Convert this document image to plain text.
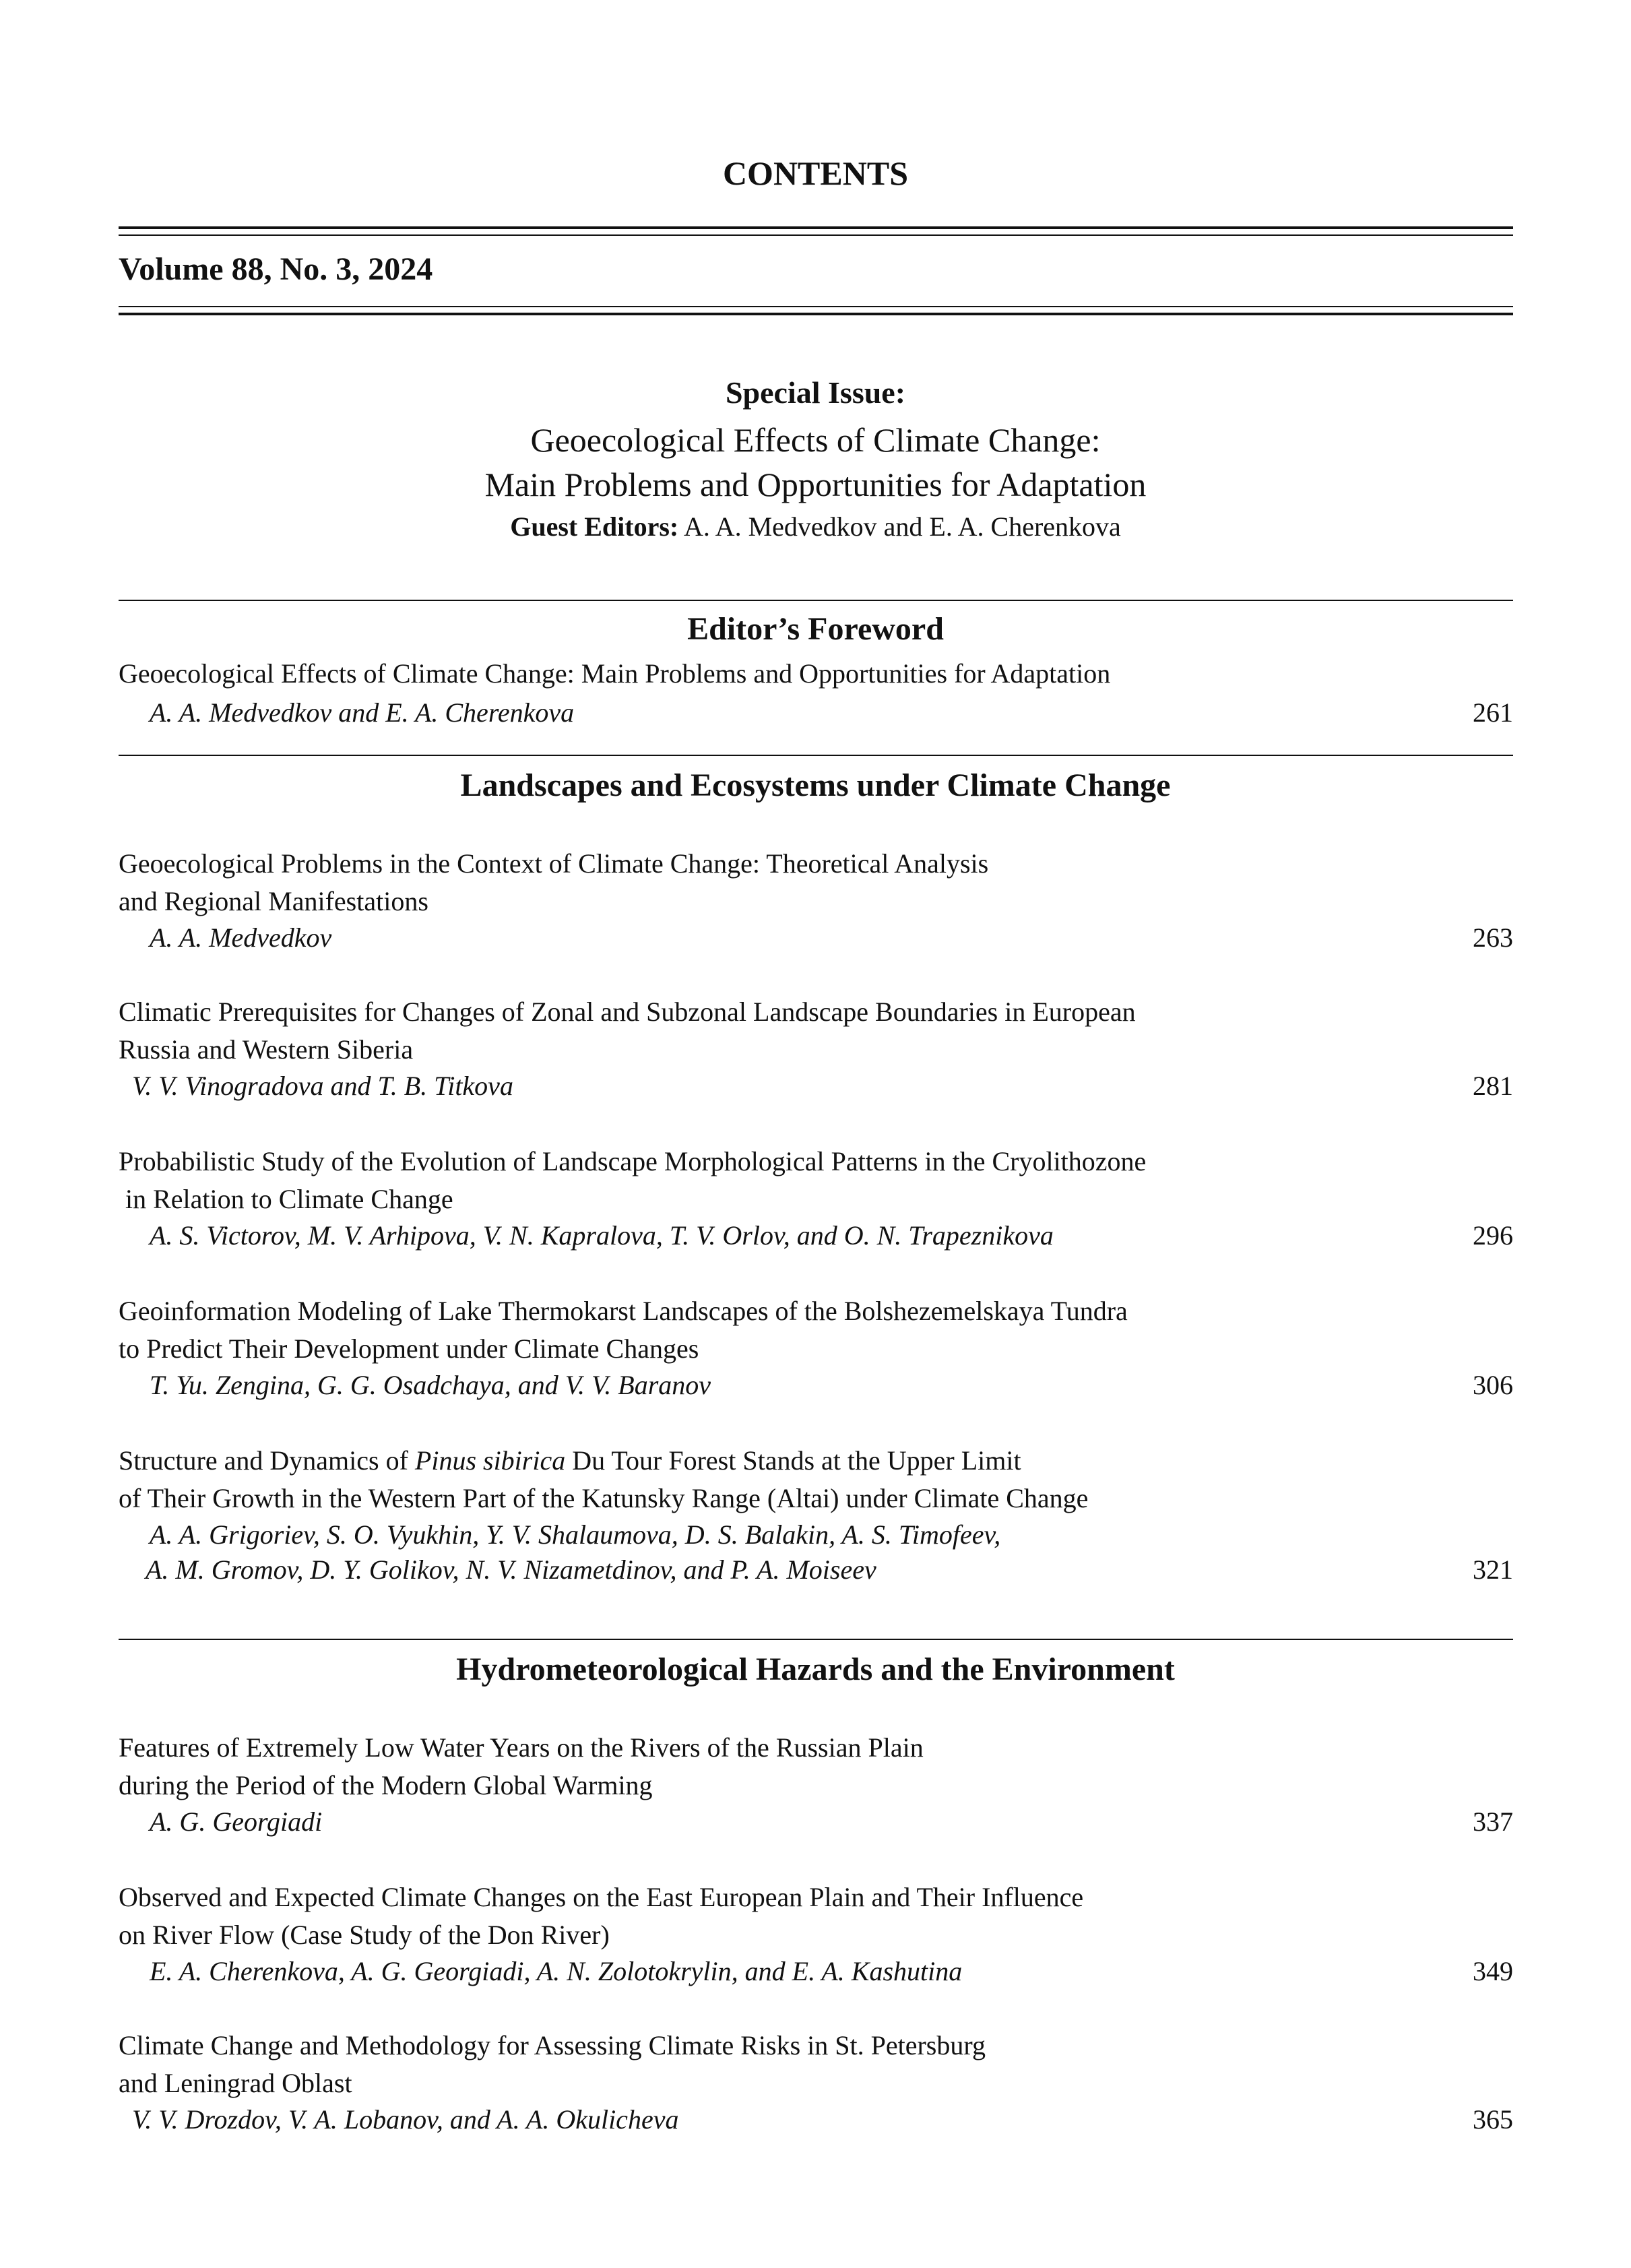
CONTENTS
Volume 88, No. 3, 2024
Special Issue:
Geoecological Effects of Climate Change:
Main Problems and Opportunities for Adaptation
Guest Editors: A. A. Medvedkov and E. A. Cherenkova
Editor’s Foreword
Geoecological Effects of Climate Change: Main Problems and Opportunities for Adaptation
A. A. Medvedkov and E. A. Cherenkova	261
Landscapes and Ecosystems under Climate Change
Geoecological Problems in the Context of Climate Change: Theoretical Analysis
and Regional Manifestations
A. A. Medvedkov	263
Climatic Prerequisites for Changes of Zonal and Subzonal Landscape Boundaries in European
Russia and Western Siberia
V. V. Vinogradova and T. B. Titkova	281
Probabilistic Study of the Evolution of Landscape Morphological Patterns in the Cryolithozone
in Relation to Climate Change
A. S. Victorov, M. V. Arhipova, V. N. Kapralova, T. V. Orlov, and O. N. Trapeznikova	296
Geoinformation Modeling of Lake Thermokarst Landscapes of the Bolshezemelskaya Tundra
to Predict Their Development under Climate Changes
T. Yu. Zengina, G. G. Osadchaya, and V. V. Baranov	306
Structure and Dynamics of Pinus sibirica Du Tour Forest Stands at the Upper Limit
of Their Growth in the Western Part of the Katunsky Range (Altai) under Climate Change
A. A. Grigoriev, S. O. Vyukhin, Y. V. Shalaumova, D. S. Balakin, A. S. Timofeev,
A. M. Gromov, D. Y. Golikov, N. V. Nizametdinov, and P. A. Moiseev	321
Hydrometeorological Hazards and the Environment
Features of Extremely Low Water Years on the Rivers of the Russian Plain
during the Period of the Modern Global Warming
A. G. Georgiadi	337
Observed and Expected Climate Changes on the East European Plain and Their Influence
on River Flow (Case Study of the Don River)
E. A. Cherenkova, A. G. Georgiadi, A. N. Zolotokrylin, and E. A. Kashutina	349
Climate Change and Methodology for Assessing Climate Risks in St. Petersburg
and Leningrad Oblast
V. V. Drozdov, V. A. Lobanov, and A. A. Okulicheva	365
